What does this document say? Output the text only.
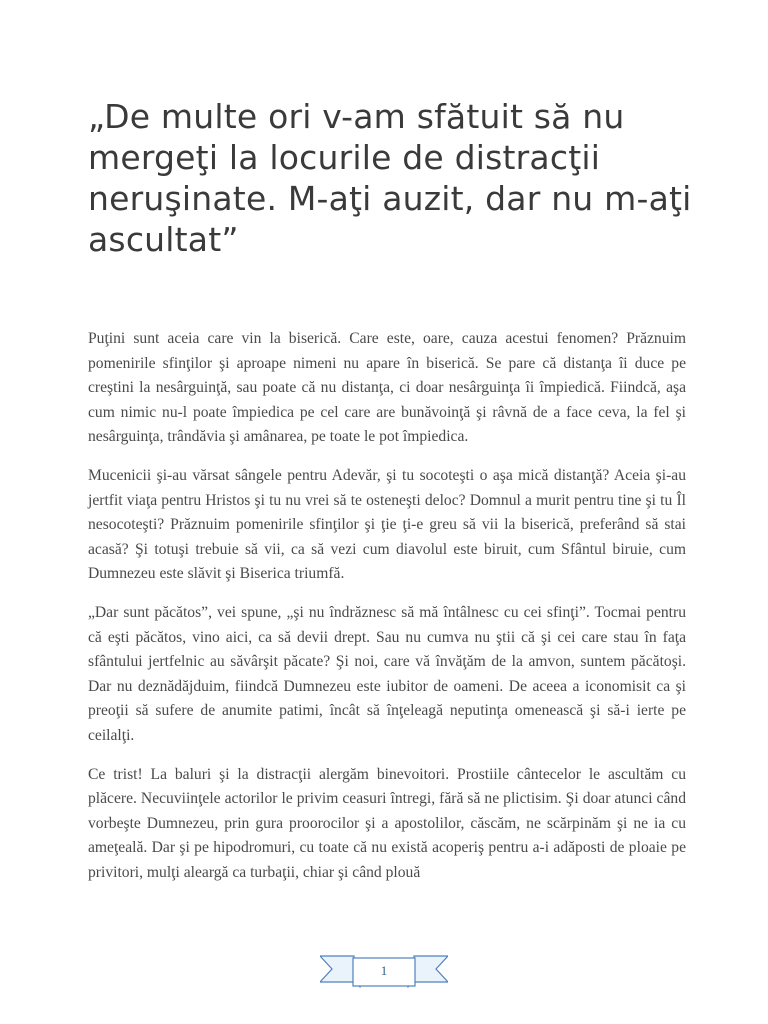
„De multe ori v-am sfătuit să nu mergeţi la locurile de distracţii neruşinate. M-aţi auzit, dar nu m-aţi ascultat”

Puţini sunt aceia care vin la biserică. Care este, oare, cauza acestui fenomen? Prăznuim pomenirile sfinţilor şi aproape nimeni nu apare în biserică. Se pare că distanţa îi duce pe creştini la nesârguinţă, sau poate că nu distanţa, ci doar nesârguinţa îi împiedică. Fiindcă, aşa cum nimic nu-l poate împiedica pe cel care are bunăvoinţă şi râvnă de a face ceva, la fel şi nesârguinţa, trândăvia şi amânarea, pe toate le pot împiedica.

Mucenicii şi-au vărsat sângele pentru Adevăr, şi tu socoteşti o aşa mică distanţă? Aceia şi-au jertfit viaţa pentru Hristos şi tu nu vrei să te osteneşti deloc? Domnul a murit pentru tine şi tu Îl nesocoteşti? Prăznuim pomenirile sfinţilor şi ţie ţi-e greu să vii la biserică, preferând să stai acasă? Şi totuşi trebuie să vii, ca să vezi cum diavolul este biruit, cum Sfântul biruie, cum Dumnezeu este slăvit şi Biserica triumfă.

„Dar sunt păcătos”, vei spune, „şi nu îndrăznesc să mă întâlnesc cu cei sfinţi”. Tocmai pentru că eşti păcătos, vino aici, ca să devii drept. Sau nu cumva nu ştii că şi cei care stau în faţa sfântului jertfelnic au săvârşit păcate? Şi noi, care vă învăţăm de la amvon, suntem păcătoşi. Dar nu deznădăjduim, fiindcă Dumnezeu este iubitor de oameni. De aceea a iconomisit ca şi preoţii să sufere de anumite patimi, încât să înţeleagă neputinţa omenească şi să-i ierte pe ceilalţi.

Ce trist! La baluri şi la distracţii alergăm binevoitori. Prostiile cântecelor le ascultăm cu plăcere. Necuviinţele actorilor le privim ceasuri întregi, fără să ne plictisim. Şi doar atunci când vorbeşte Dumnezeu, prin gura proorocilor şi a apostolilor, căscăm, ne scărpinăm şi ne ia cu ameţeală. Dar şi pe hipodromuri, cu toate că nu există acoperiş pentru a-i adăposti de ploaie pe privitori, mulţi aleargă ca turbaţii, chiar şi când plouă

1
